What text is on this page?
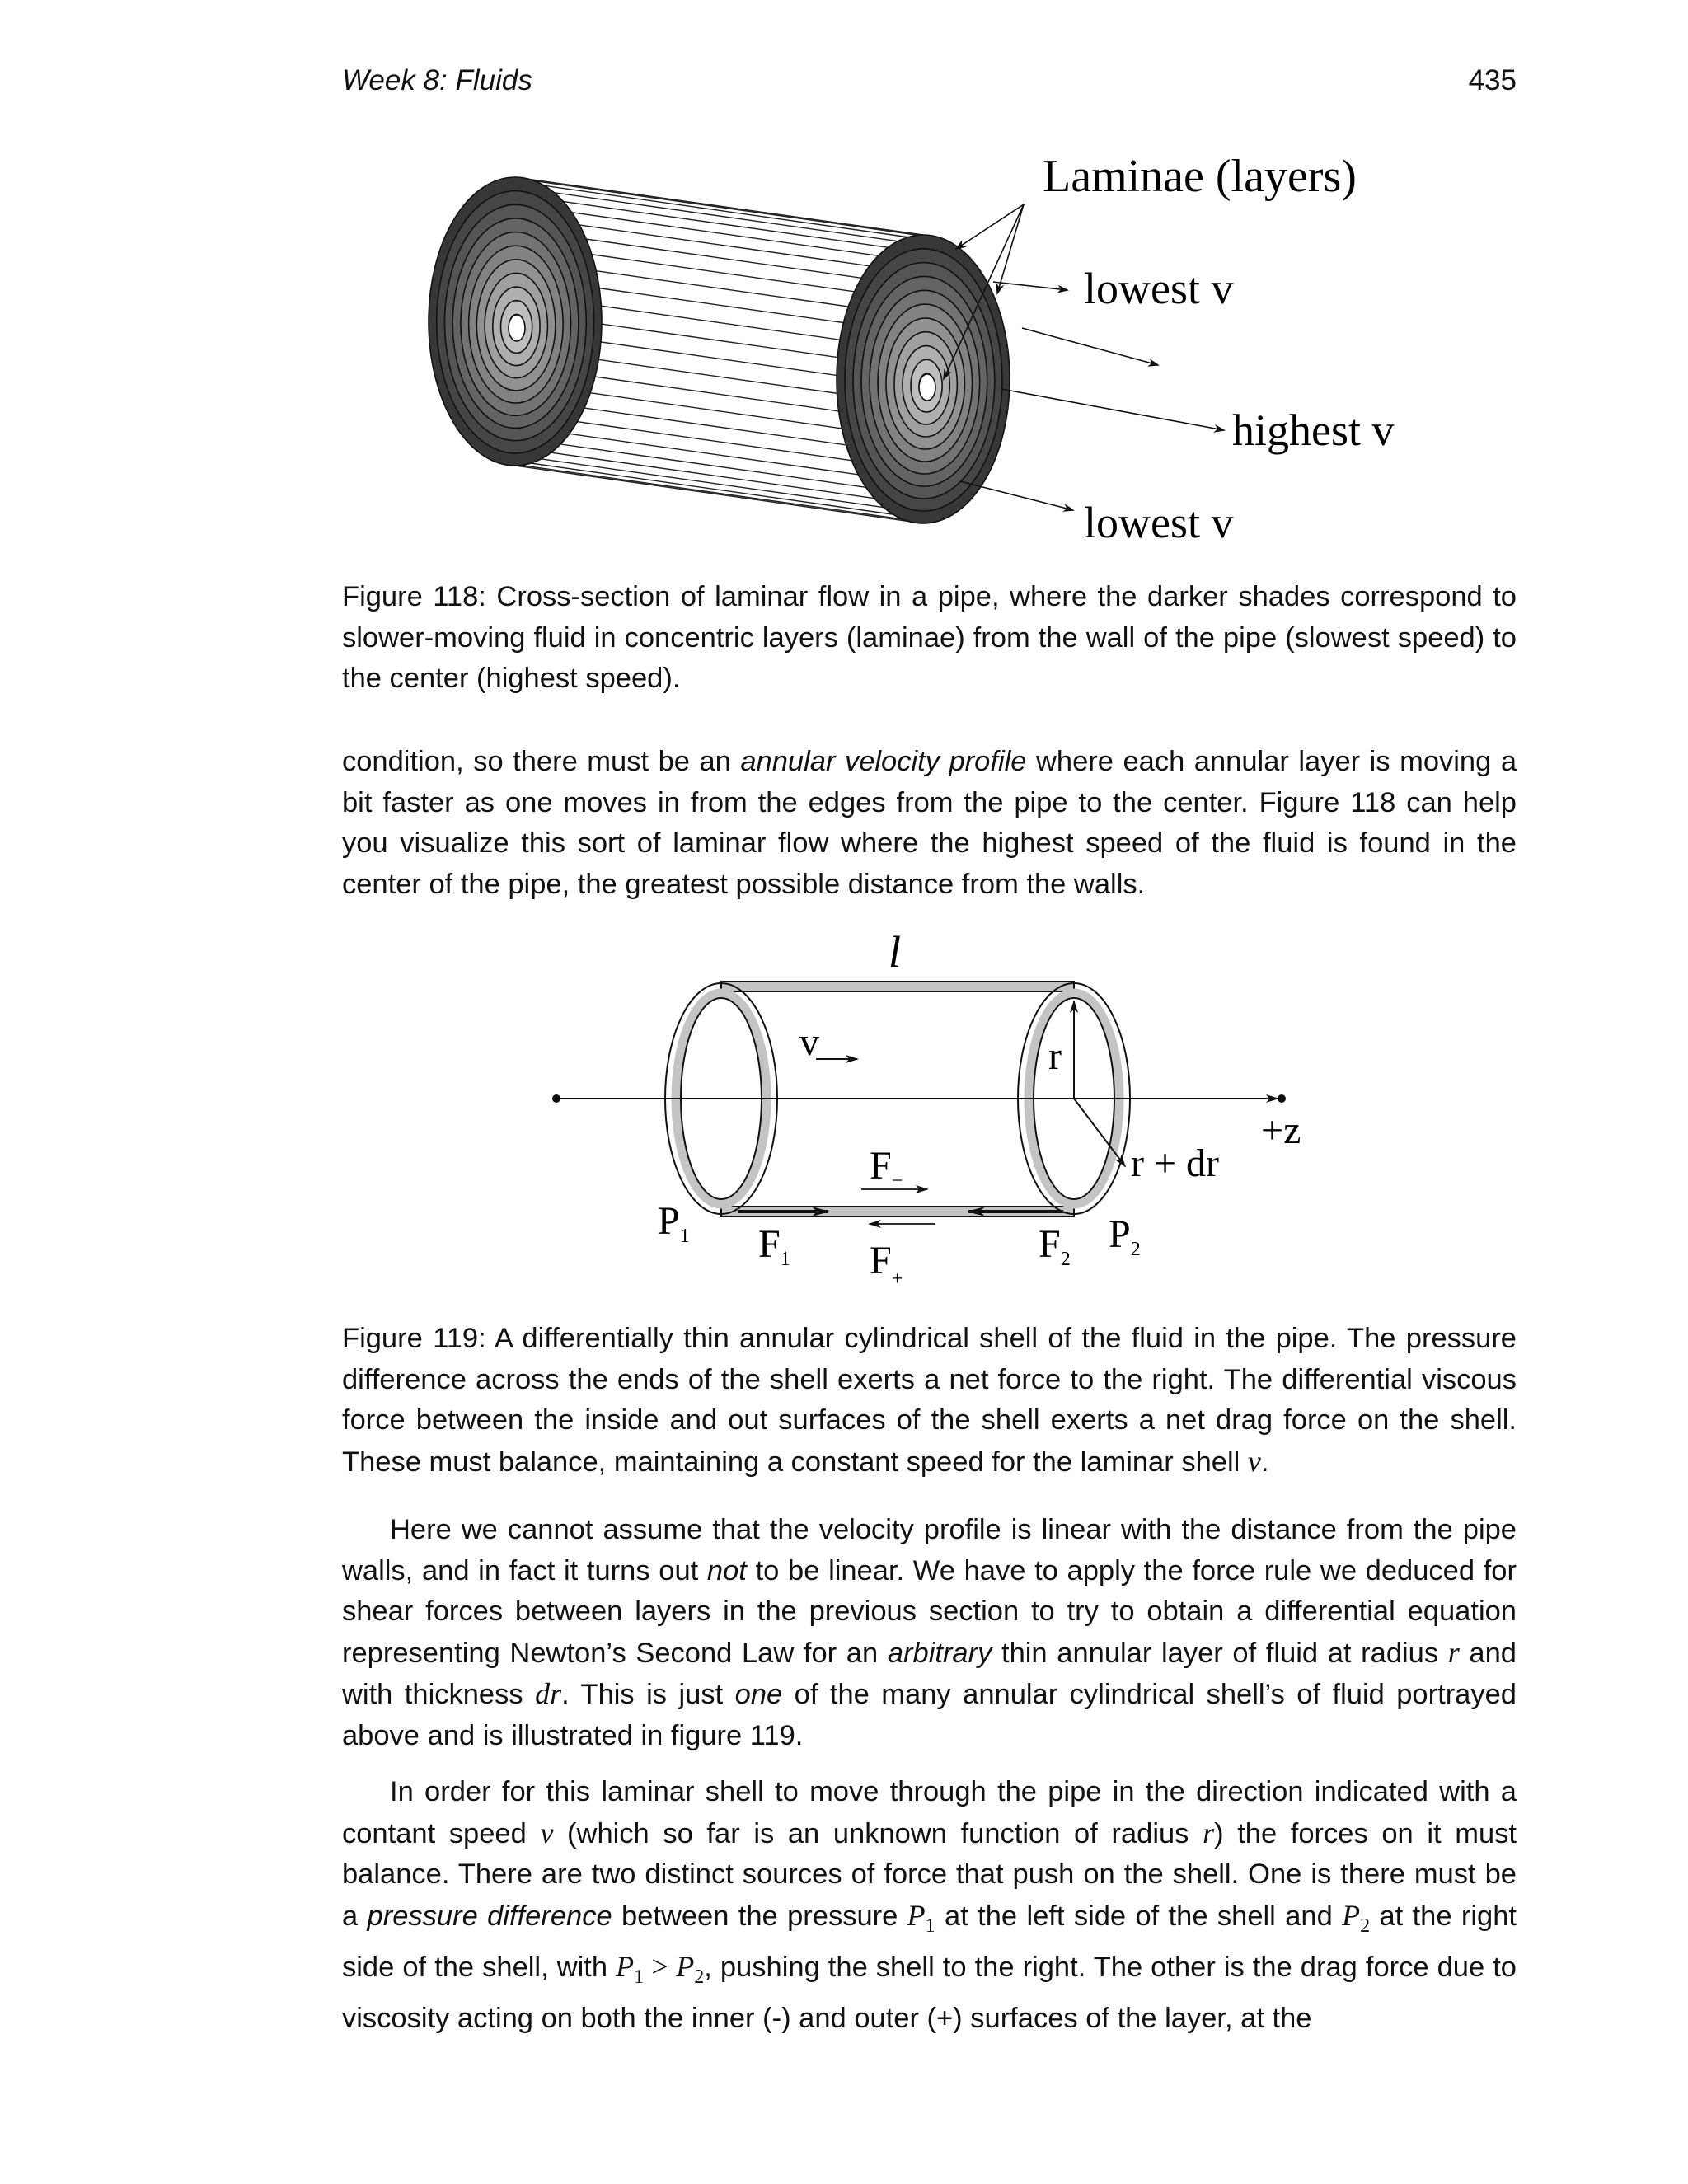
Week 8: Fluids	435
Laminae (layers)
lowest v
highest v
lowest v
Figure 118: Cross-section of laminar flow in a pipe, where the darker shades correspond to slower-moving fluid in concentric layers (laminae) from the wall of the pipe (slowest speed) to the center (highest speed).

condition, so there must be an annular velocity profile where each annular layer is moving a bit faster as one moves in from the edges from the pipe to the center. Figure 118 can help you visualize this sort of laminar flow where the highest speed of the fluid is found in the center of the pipe, the greatest possible distance from the walls.

l
v	r
+z
r + dr
$F_-$
$F_+$
$F_1$	$F_2$
$P_1$	$P_2$
Figure 119: A differentially thin annular cylindrical shell of the fluid in the pipe. The pressure difference across the ends of the shell exerts a net force to the right. The differential viscous force between the inside and out surfaces of the shell exerts a net drag force on the shell. These must balance, maintaining a constant speed for the laminar shell v.

Here we cannot assume that the velocity profile is linear with the distance from the pipe walls, and in fact it turns out not to be linear. We have to apply the force rule we deduced for shear forces between layers in the previous section to try to obtain a differential equation representing Newton’s Second Law for an arbitrary thin annular layer of fluid at radius r and with thickness dr. This is just one of the many annular cylindrical shell’s of fluid portrayed above and is illustrated in figure 119.

In order for this laminar shell to move through the pipe in the direction indicated with a contant speed v (which so far is an unknown function of radius r) the forces on it must balance. There are two distinct sources of force that push on the shell. One is there must be a pressure difference between the pressure $P_1$ at the left side of the shell and $P_2$ at the right side of the shell, with $P_1 > P_2$, pushing the shell to the right. The other is the drag force due to viscosity acting on both the inner (-) and outer (+) surfaces of the layer, at the
